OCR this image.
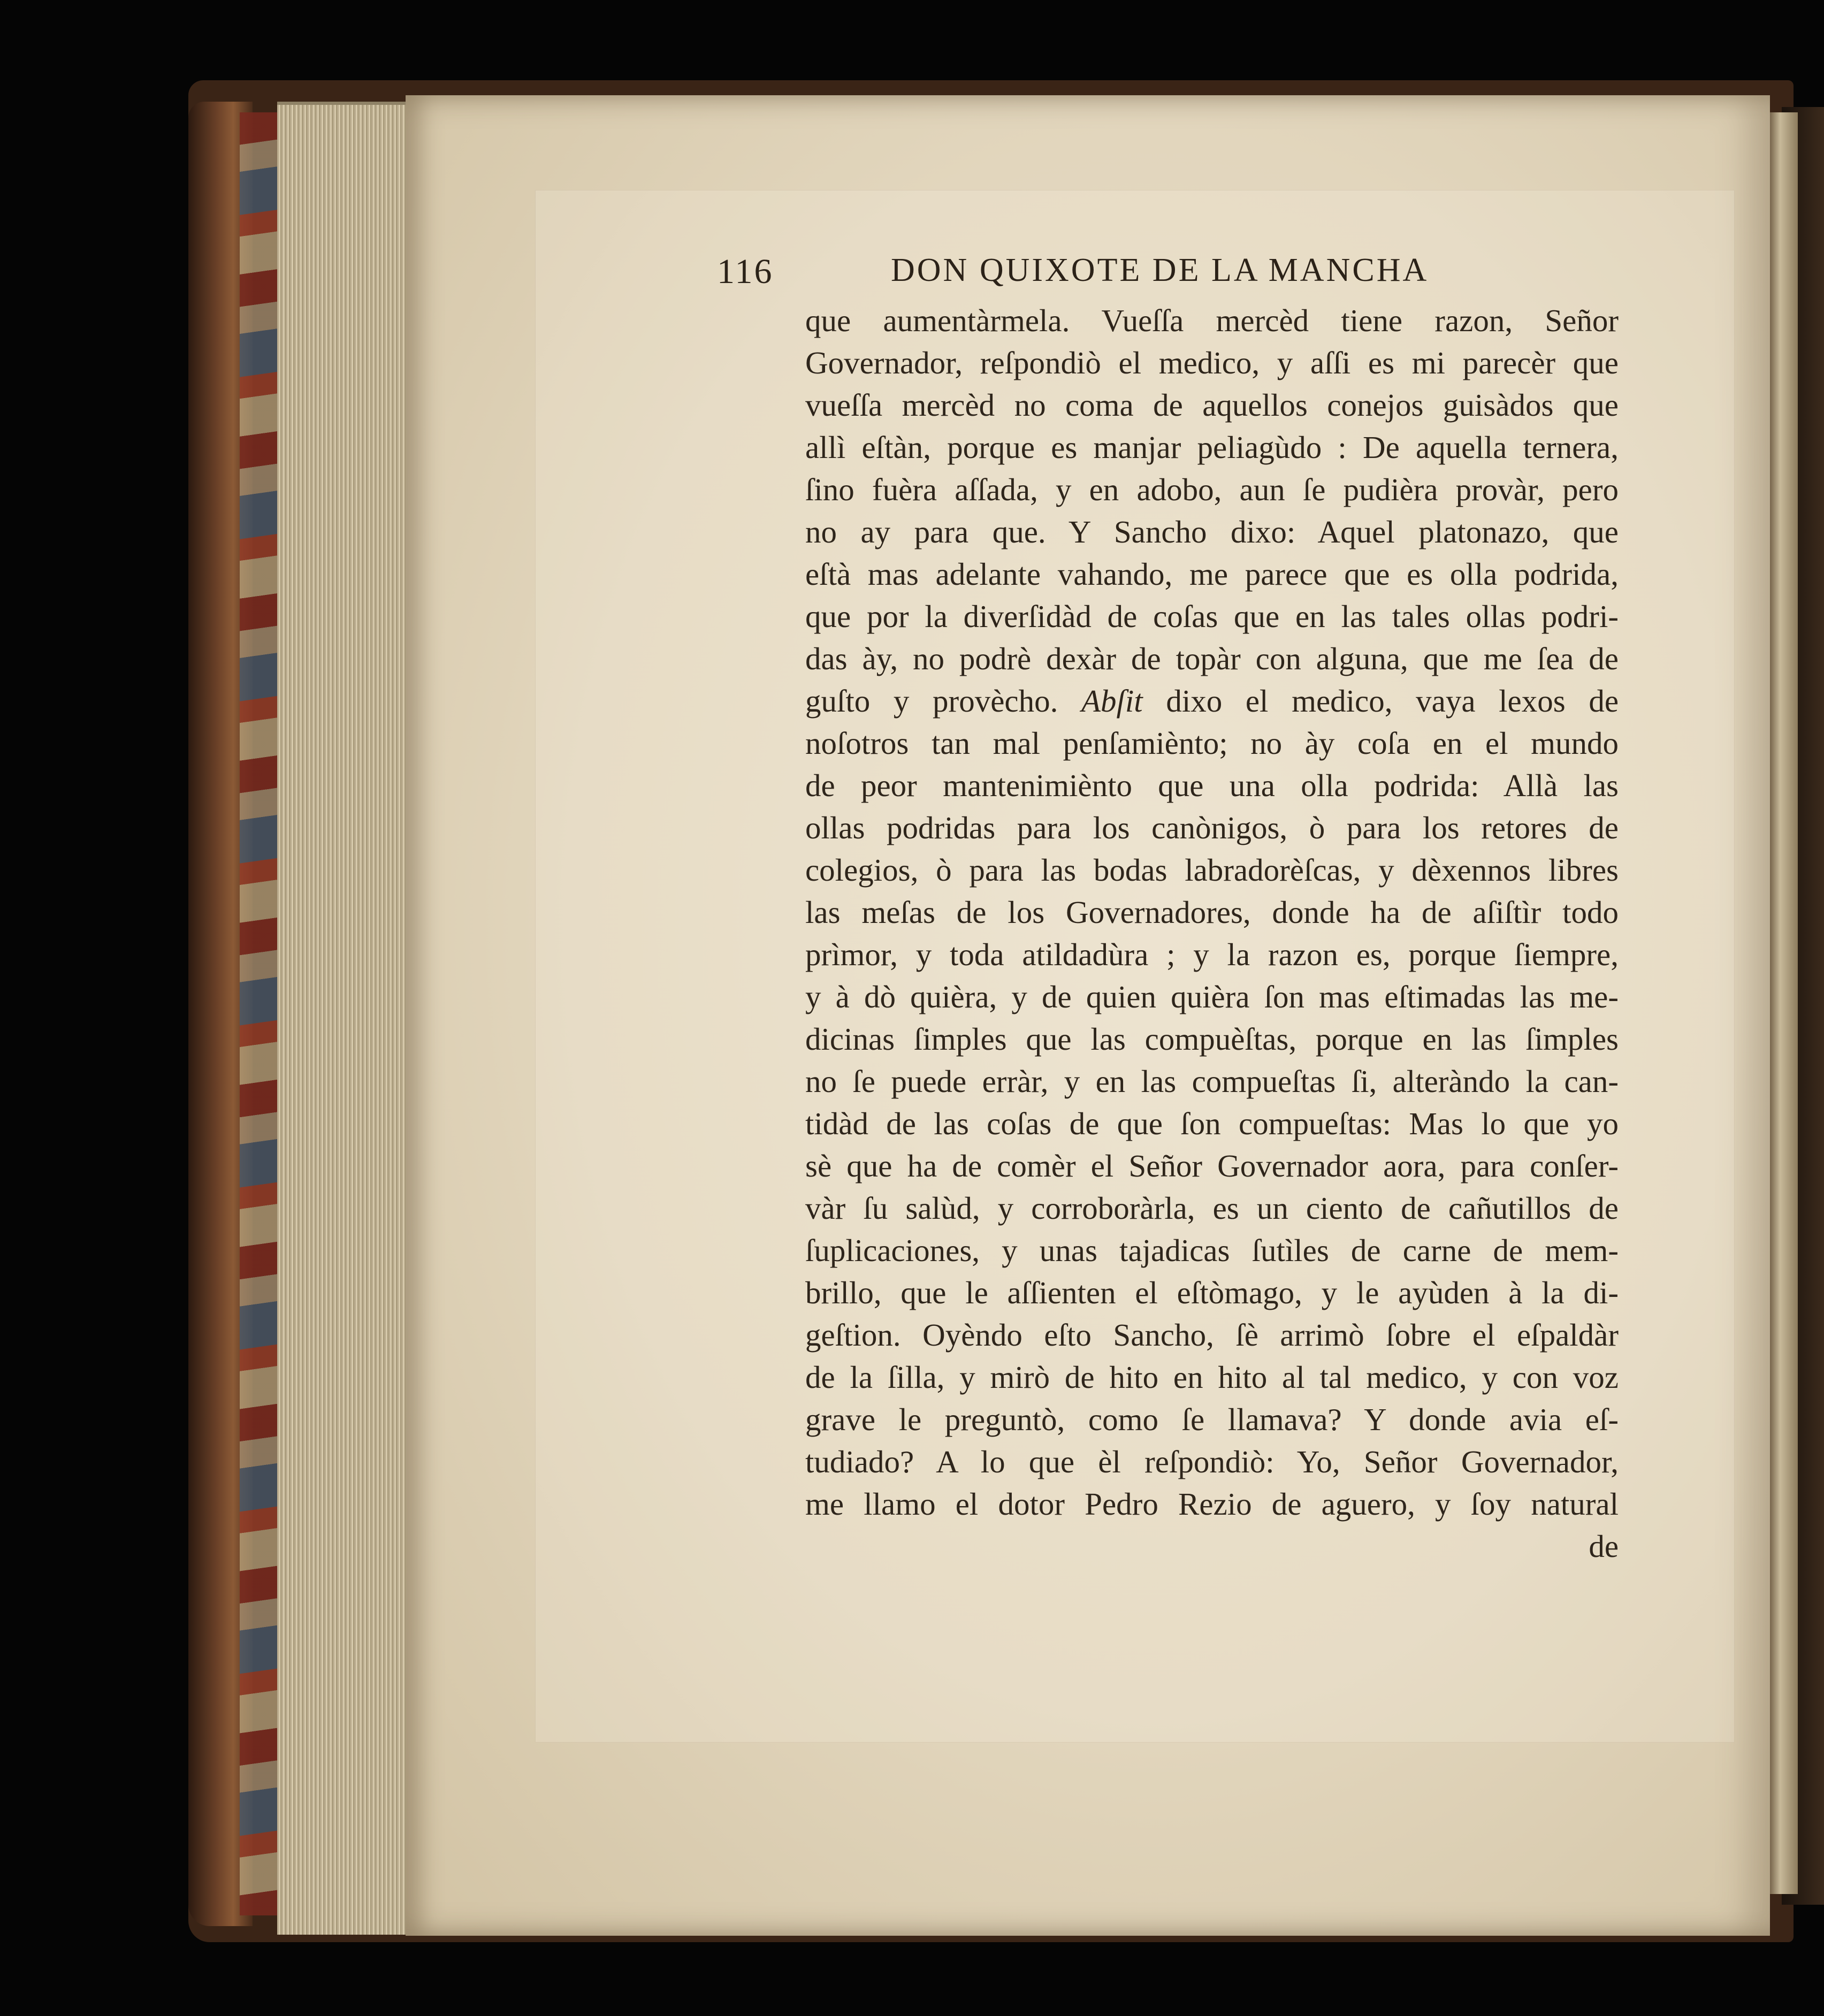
116	DON QUIXOTE DE LA MANCHA
que aumentàrmela. Vueſſa mercèd tiene razon, Señor
Governador, reſpondiò el medico, y aſſi es mi parecèr que
vueſſa mercèd no coma de aquellos conejos guisàdos que
allì eſtàn, porque es manjar peliagùdo : De aquella ternera,
ſino fuèra aſſada, y en adobo, aun ſe pudièra provàr, pero
no ay para que. Y Sancho dixo: Aquel platonazo, que
eſtà mas adelante vahando, me parece que es olla podrida,
que por la diverſidàd de coſas que en las tales ollas podri-
das ày, no podrè dexàr de topàr con alguna, que me ſea de
guſto y provècho. Abſit dixo el medico, vaya lexos de
noſotros tan mal penſamiènto; no ày coſa en el mundo
de peor mantenimiènto que una olla podrida: Allà las
ollas podridas para los canònigos, ò para los retores de
colegios, ò para las bodas labradorèſcas, y dèxennos libres
las meſas de los Governadores, donde ha de aſiſtìr todo
prìmor, y toda atildadùra ; y la razon es, porque ſiempre,
y à dò quièra, y de quien quièra ſon mas eſtimadas las me-
dicinas ſimples que las compuèſtas, porque en las ſimples
no ſe puede erràr, y en las compueſtas ſi, alteràndo la can-
tidàd de las coſas de que ſon compueſtas: Mas lo que yo
sè que ha de comèr el Señor Governador aora, para conſer-
vàr ſu salùd, y corroboràrla, es un ciento de cañutillos de
ſuplicaciones, y unas tajadicas ſutìles de carne de mem-
brillo, que le aſſienten el eſtòmago, y le ayùden à la di-
geſtion. Oyèndo eſto Sancho, ſè arrimò ſobre el eſpaldàr
de la ſilla, y mirò de hito en hito al tal medico, y con voz
grave le preguntò, como ſe llamava? Y donde avia eſ-
tudiado? A lo que èl reſpondiò: Yo, Señor Governador,
me llamo el dotor Pedro Rezio de aguero, y ſoy natural
de
